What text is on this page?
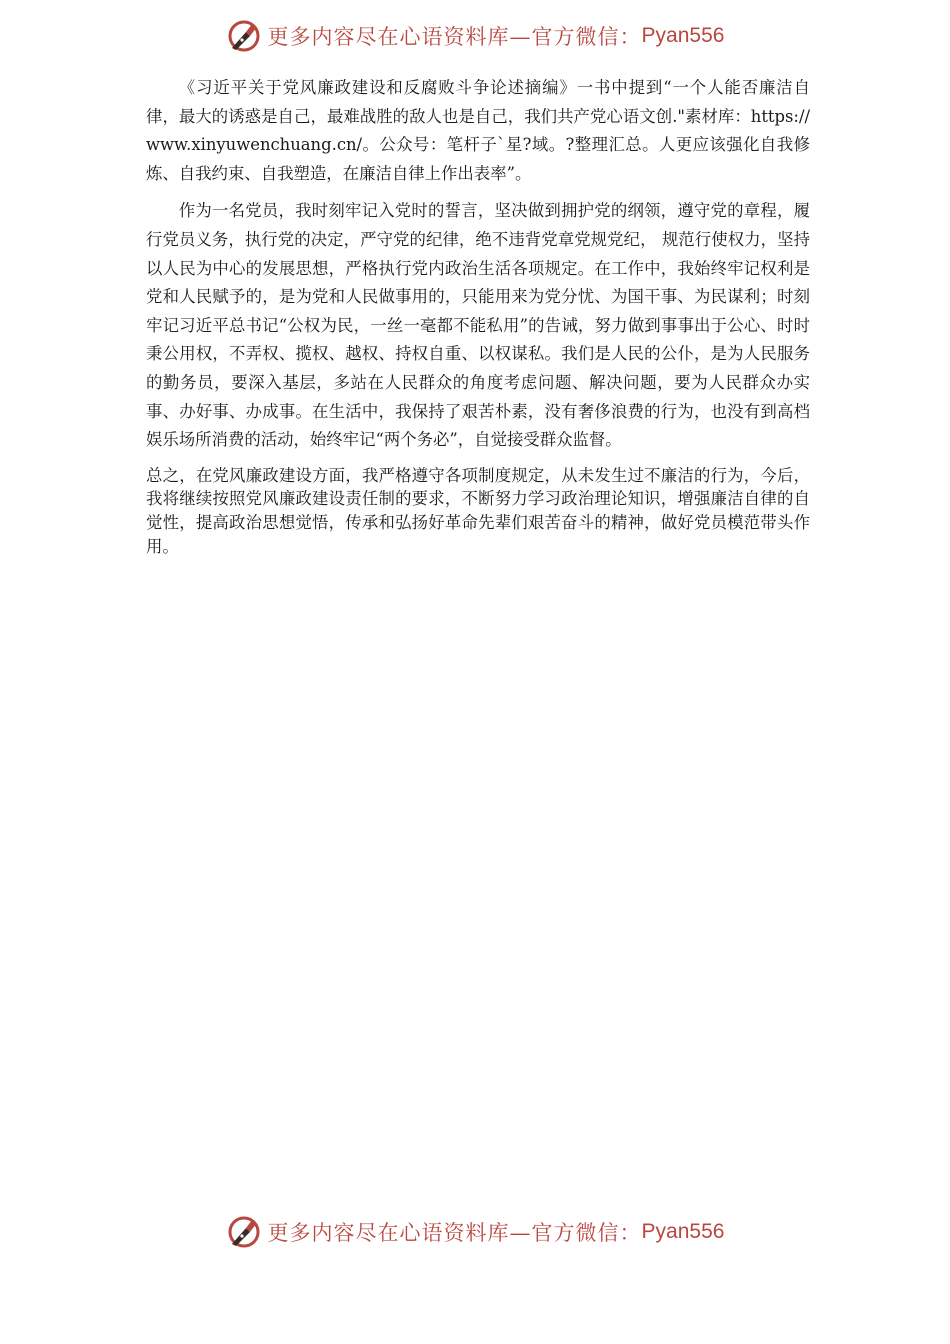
更多内容尽在心语资料库—官方微信： Pyan556

《习近平关于党风廉政建设和反腐败斗争论述摘编》一书中提到“一个人能否廉洁自律，最大的诱惑是自己，最难战胜的敌人也是自己，我们共产党心语文创."素材库：https://www.xinyuwenchuang.cn/。公众号：笔杆子`星?域。?整理汇总。人更应该强化自我修炼、自我约束、自我塑造，在廉洁自律上作出表率”。

作为一名党员，我时刻牢记入党时的誓言，坚决做到拥护党的纲领，遵守党的章程，履行党员义务，执行党的决定，严守党的纪律，绝不违背党章党规党纪， 规范行使权力，坚持以人民为中心的发展思想，严格执行党内政治生活各项规定。在工作中，我始终牢记权利是党和人民赋予的，是为党和人民做事用的，只能用来为党分忧、为国干事、为民谋利；时刻牢记习近平总书记“公权为民，一丝一毫都不能私用”的告诫，努力做到事事出于公心、时时秉公用权，不弄权、揽权、越权、持权自重、以权谋私。我们是人民的公仆，是为人民服务的勤务员，要深入基层，多站在人民群众的角度考虑问题、解决问题，要为人民群众办实事、办好事、办成事。在生活中，我保持了艰苦朴素，没有奢侈浪费的行为，也没有到高档娱乐场所消费的活动，始终牢记“两个务必”，自觉接受群众监督。

总之，在党风廉政建设方面，我严格遵守各项制度规定，从未发生过不廉洁的行为，今后，我将继续按照党风廉政建设责任制的要求，不断努力学习政治理论知识，增强廉洁自律的自觉性，提高政治思想觉悟，传承和弘扬好革命先辈们艰苦奋斗的精神，做好党员模范带头作用。

更多内容尽在心语资料库—官方微信： Pyan556
